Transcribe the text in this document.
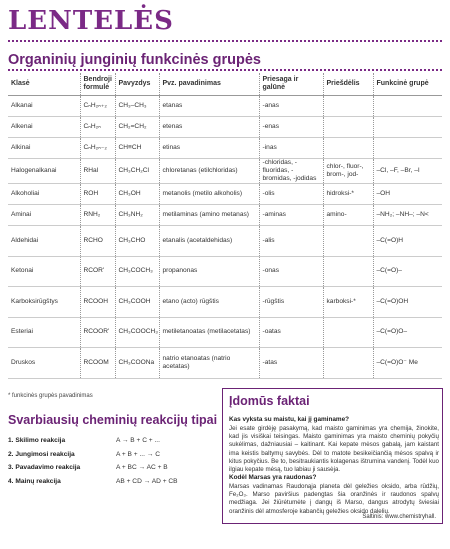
LENTELĖS
Organinių junginių funkcinės grupės
Klasė	Bendroji formulė	Pavyzdys	Pvz. pavadinimas	Priesaga ir galūnė	Priešdėlis	Funkcinė grupė
Alkanai	CₙH₂ₙ₊₂	CH₃–CH₃	etanas	-anas		
Alkenai	CₙH₂ₙ	CH₂=CH₂	etenas	-enas		
Alkinai	CₙH₂ₙ₋₂	CH≡CH	etinas	-inas		
Halogenalkanai	RHal	CH₃CH₂Cl	chloretanas (etilchloridas)	-chloridas, -fluoridas, -bromidas, -jodidas	chlor-, fluor-, brom-, jod-	–Cl, –F, –Br, –I
Alkoholiai	ROH	CH₃OH	metanolis (metilo alkoholis)	-olis	hidroksi-*	–OH
Aminai	RNH₂	CH₃NH₂	metilaminas (amino metanas)	-aminas	amino-	–NH₂; –NH–; –N<
Aldehidai	RCHO	CH₃CHO	etanalis (acetaldehidas)	-alis		–C(=O)H
Ketonai	RCOR'	CH₃COCH₃	propanonas	-onas		–C(=O)–
Karboksirūgštys	RCOOH	CH₃COOH	etano (acto) rūgštis	-rūgštis	karboksi-*	–C(=O)OH
Esteriai	RCOOR'	CH₃COOCH₃	metiletanoatas (metilacetatas)	-oatas		–C(=O)O–
Druskos	RCOOM	CH₃COONa	natrio etanoatas (natrio acetatas)	-atas		–C(=O)O⁻ Me
* funkcinės grupės pavadinimas
Svarbiausių cheminių reakcijų tipai
1. Skilimo reakcija	A → B + C + ...
2. Jungimosi reakcija	A + B + ... → C
3. Pavadavimo reakcija	A + BC → AC + B
4. Mainų reakcija	AB + CD → AD + CB
Įdomūs faktai
Kas vyksta su maistu, kai jį gaminame?
Jei esate girdėję pasakymą, kad maisto gaminimas yra chemija, žinokite, kad jis visiškai teisingas. Maisto gaminimas yra maisto cheminių pokyčių sukėlimas, dažniausiai – kaitinant. Kai kepate mėsos gabalą, jam kaistant ima keistis baltymų savybės. Dėl to matote besikeičiančią mėsos spalvą ir kitus pokyčius. Be to, besitraukiantis kolagenas ištrumina vandenį. Todėl kuo ilgiau kepate mėsą, tuo labiau ji sausėja.
Kodėl Marsas yra raudonas?
Marsas vadinamas Raudonąja planeta dėl geležies oksido, arba rūdžių, Fe₂O₃. Marso paviršius padengtas šia oranžinės ir raudonos spalvų medžiaga. Jei žiūrėtumėte į dangų iš Marso, dangus atrodytų šviesiai oranžinis dėl atmosferoje kabančių geležies oksido dalelių.
Šaltinis: www.chemistryhall.
